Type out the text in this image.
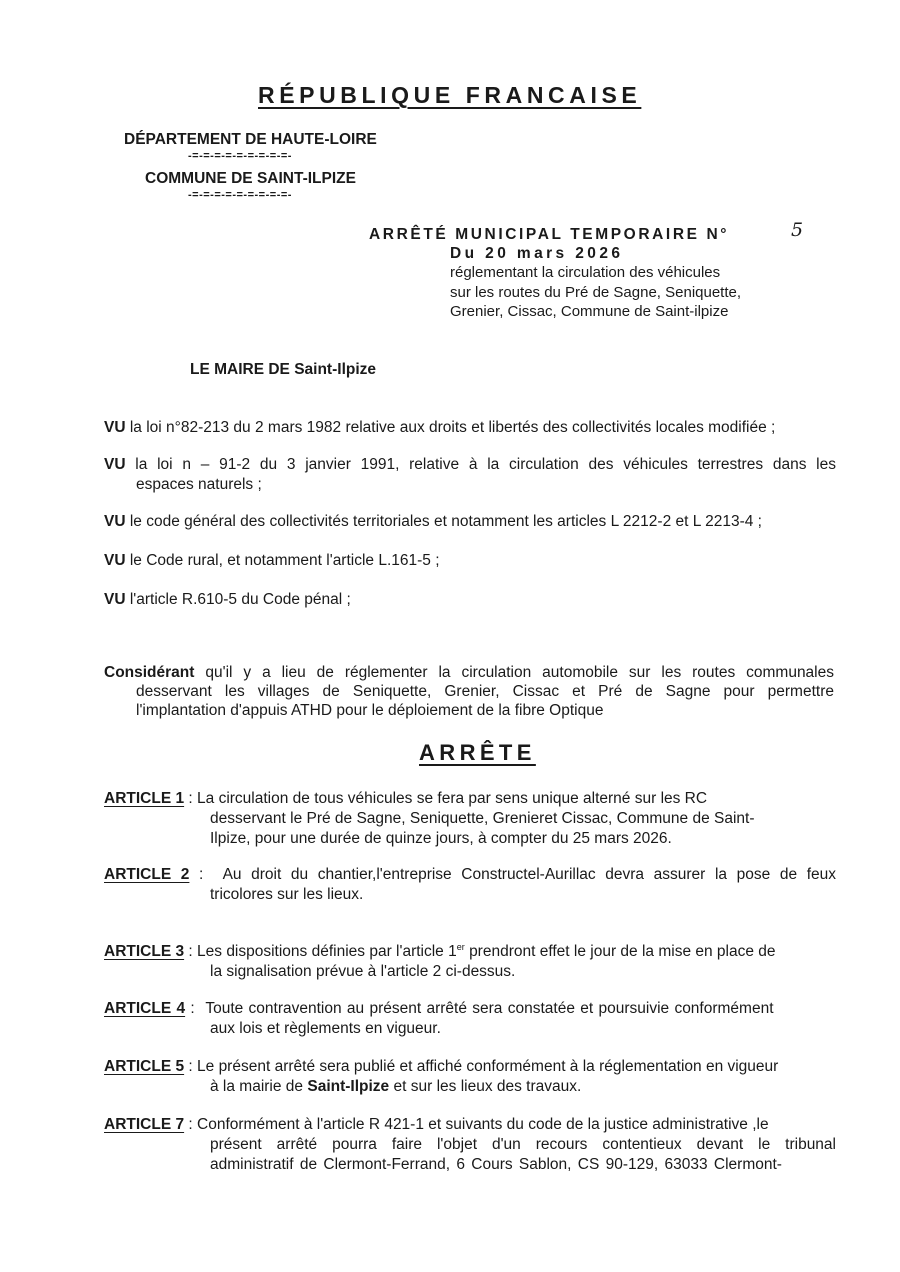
RÉPUBLIQUE FRANCAISE
DÉPARTEMENT DE HAUTE-LOIRE
-=-=-=-=-=-=-=-=-=-
COMMUNE DE SAINT-ILPIZE
-=-=-=-=-=-=-=-=-=-
ARRÊTÉ MUNICIPAL TEMPORAIRE N°	5
Du 20 mars 2026
réglementant la circulation des véhicules
sur les routes du Pré de Sagne, Seniquette,
Grenier, Cissac, Commune de Saint-ilpize
LE MAIRE DE Saint-Ilpize
VU la loi n°82-213 du 2 mars 1982 relative aux droits et libertés des collectivités locales modifiée ;
VU la loi n – 91-2 du 3 janvier 1991, relative à la circulation des véhicules terrestres dans les
espaces naturels ;
VU le code général des collectivités territoriales et notamment les articles L 2212-2 et L 2213-4 ;
VU le Code rural, et notamment l'article L.161-5 ;
VU l'article R.610-5 du Code pénal ;
Considérant qu'il y a lieu de réglementer la circulation automobile sur les routes communales
desservant les villages de Seniquette, Grenier, Cissac et Pré de Sagne pour permettre
l'implantation d'appuis ATHD pour le déploiement de la fibre Optique
ARRÊTE
ARTICLE 1 : La circulation de tous véhicules se fera par sens unique alterné sur les RC
desservant le Pré de Sagne, Seniquette, Grenieret Cissac, Commune de Saint-
Ilpize, pour une durée de quinze jours, à compter du 25 mars 2026.
ARTICLE 2 :  Au droit du chantier,l'entreprise Constructel-Aurillac devra assurer la pose de feux
tricolores sur les lieux.
ARTICLE 3 : Les dispositions définies par l'article 1er prendront effet le jour de la mise en place de
la signalisation prévue à l'article 2 ci-dessus.
ARTICLE 4 :  Toute contravention au présent arrêté sera constatée et poursuivie conformément
aux lois et règlements en vigueur.
ARTICLE 5 : Le présent arrêté sera publié et affiché conformément à la réglementation en vigueur
à la mairie de Saint-Ilpize et sur les lieux des travaux.
ARTICLE 7 : Conformément à l'article R 421-1 et suivants du code de la justice administrative ,le
présent arrêté pourra faire l'objet d'un recours contentieux devant le tribunal
administratif de Clermont-Ferrand, 6 Cours Sablon, CS 90-129, 63033 Clermont-
